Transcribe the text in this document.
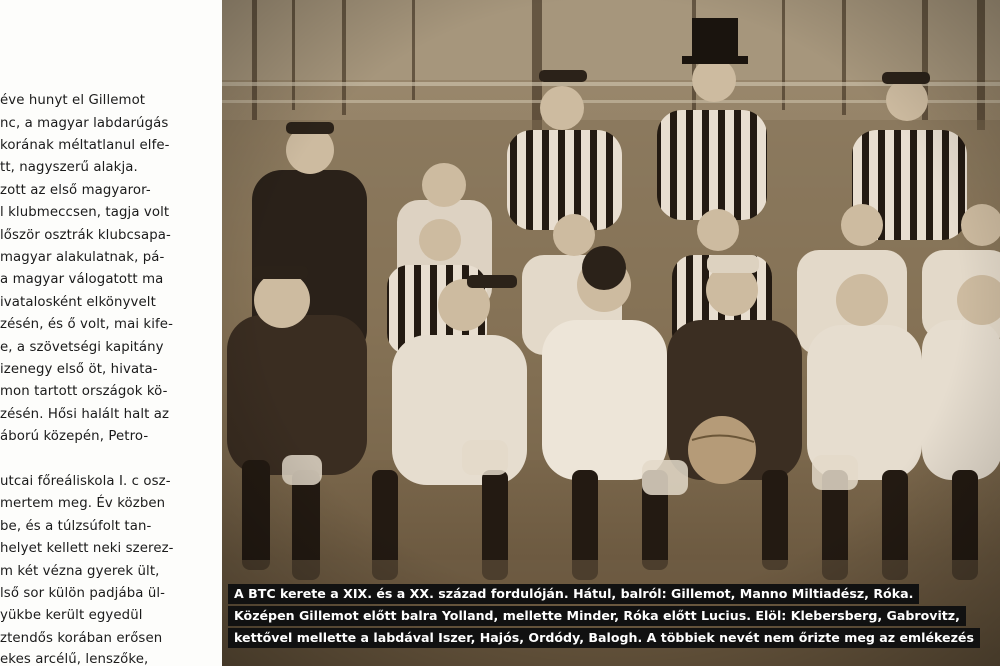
éve hunyt el Gillemot
nc, a magyar labdarúgás
korának méltatlanul elfe-
tt, nagyszerű alakja.
zott az első magyaror-
l klubmeccsen, tagja volt
lőször osztrák klubcsapa-
magyar alakulatnak, pá-
a magyar válogatott ma
ivatalosként elkönyvelt
zésén, és ő volt, mai kife-
e, a szövetségi kapitány
izenegy első öt, hivata-
mon tartott országok kö-
zésén. Hősi halált halt az
áború közepén, Petro-
utcai főreáliskola I. c osz-
mertem meg. Év közben
be, és a túlzsúfolt tan-
helyet kellett neki szerez-
m két vézna gyerek ült,
lső sor külön padjába ül-
yükbe került egyedül
ztendős korában erősen
ekes arcélű, lenszőke,
A BTC kerete a XIX. és a XX. század fordulóján. Hátul, balról: Gillemot, Manno Miltiadész, Róka.
Középen Gillemot előtt balra Yolland, mellette Minder, Róka előtt Lucius. Elöl: Klebersberg, Gabrovitz,
kettővel mellette a labdával Iszer, Hajós, Ordódy, Balogh. A többiek nevét nem őrizte meg az emlékezés
